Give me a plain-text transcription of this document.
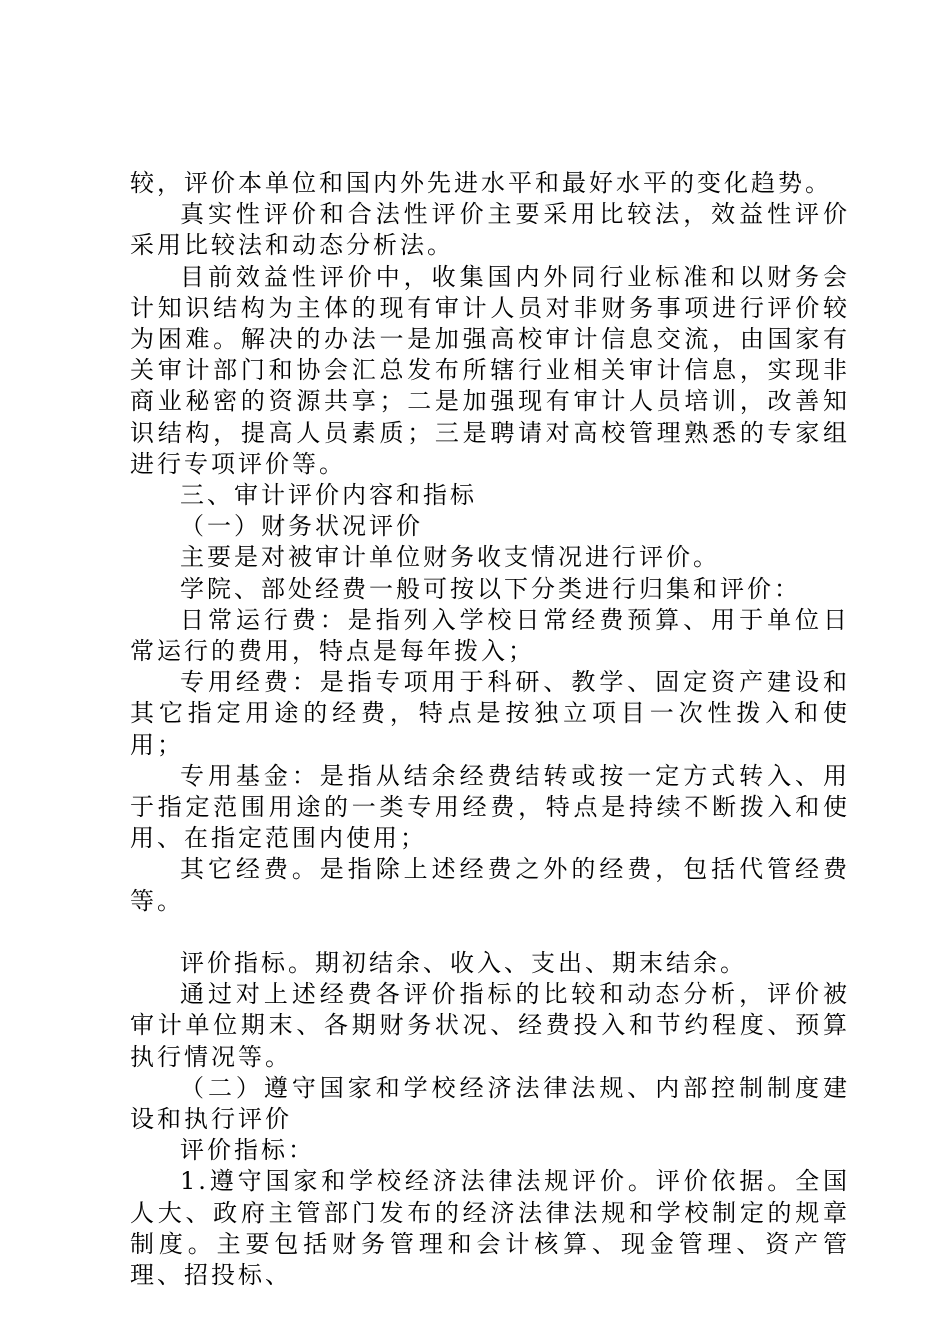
较，评价本单位和国内外先进水平和最好水平的变化趋势。

真实性评价和合法性评价主要采用比较法，效益性评价采用比较法和动态分析法。

目前效益性评价中，收集国内外同行业标准和以财务会计知识结构为主体的现有审计人员对非财务事项进行评价较为困难。解决的办法一是加强高校审计信息交流，由国家有关审计部门和协会汇总发布所辖行业相关审计信息，实现非商业秘密的资源共享；二是加强现有审计人员培训，改善知识结构，提高人员素质；三是聘请对高校管理熟悉的专家组进行专项评价等。

三、审计评价内容和指标

（一）财务状况评价

主要是对被审计单位财务收支情况进行评价。

学院、部处经费一般可按以下分类进行归集和评价：

日常运行费：是指列入学校日常经费预算、用于单位日常运行的费用，特点是每年拨入；

专用经费：是指专项用于科研、教学、固定资产建设和其它指定用途的经费，特点是按独立项目一次性拨入和使用；

专用基金：是指从结余经费结转或按一定方式转入、用于指定范围用途的一类专用经费，特点是持续不断拨入和使用、在指定范围内使用；

其它经费。是指除上述经费之外的经费，包括代管经费等。

评价指标。期初结余、收入、支出、期末结余。

通过对上述经费各评价指标的比较和动态分析，评价被审计单位期末、各期财务状况、经费投入和节约程度、预算执行情况等。

（二）遵守国家和学校经济法律法规、内部控制制度建设和执行评价

评价指标：

1.遵守国家和学校经济法律法规评价。评价依据。全国人大、政府主管部门发布的经济法律法规和学校制定的规章制度。主要包括财务管理和会计核算、现金管理、资产管理、招投标、
